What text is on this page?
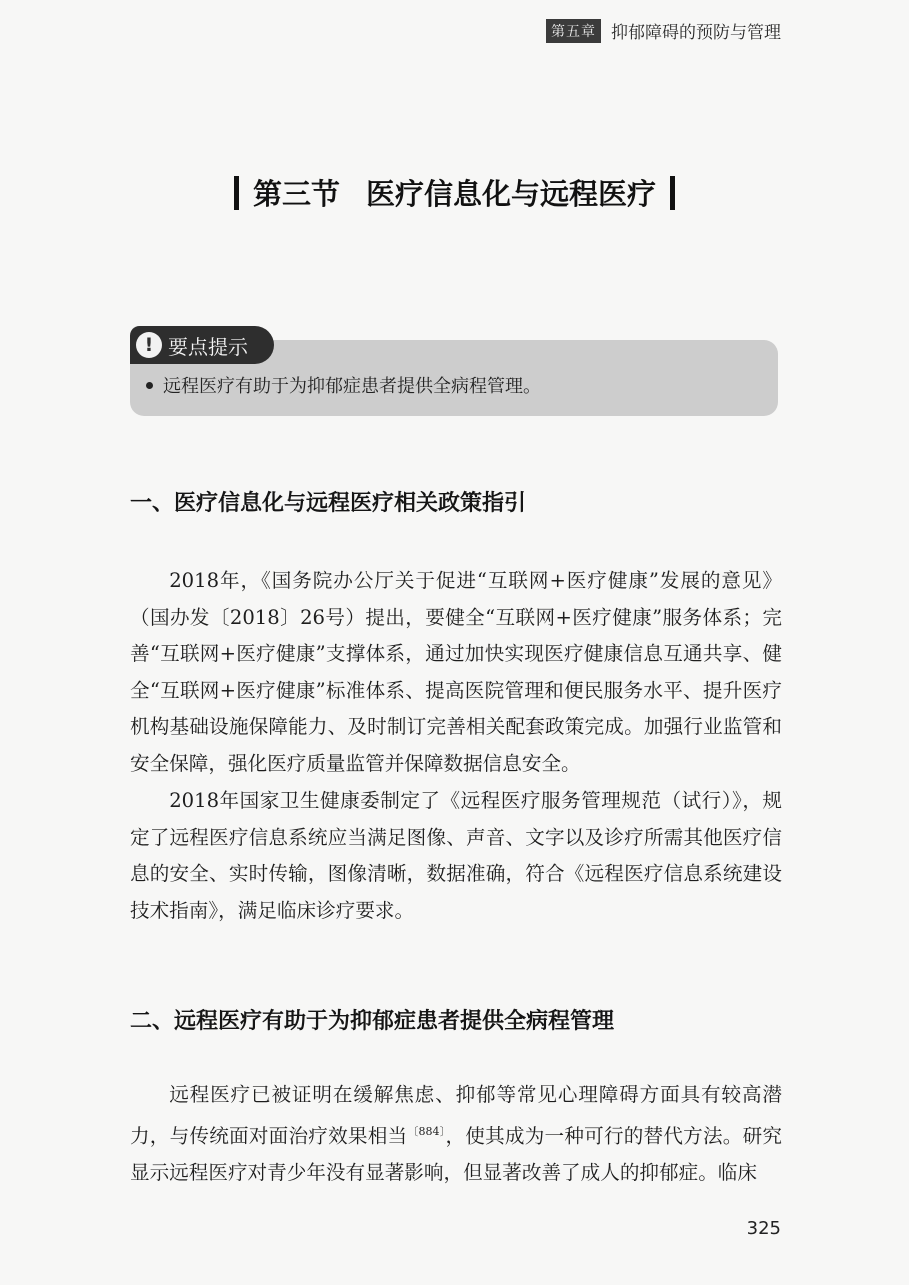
第五章 抑郁障碍的预防与管理
第三节 医疗信息化与远程医疗
! 要点提示
远程医疗有助于为抑郁症患者提供全病程管理。
一、医疗信息化与远程医疗相关政策指引

2018年，《国务院办公厅关于促进“互联网+医疗健康”发展的意见》（国办发〔2018〕26号）提出，要健全“互联网+医疗健康”服务体系；完善“互联网+医疗健康”支撑体系，通过加快实现医疗健康信息互通共享、健全“互联网+医疗健康”标准体系、提高医院管理和便民服务水平、提升医疗机构基础设施保障能力、及时制订完善相关配套政策完成。加强行业监管和安全保障，强化医疗质量监管并保障数据信息安全。

2018年国家卫生健康委制定了《远程医疗服务管理规范（试行）》，规定了远程医疗信息系统应当满足图像、声音、文字以及诊疗所需其他医疗信息的安全、实时传输，图像清晰，数据准确，符合《远程医疗信息系统建设技术指南》，满足临床诊疗要求。

二、远程医疗有助于为抑郁症患者提供全病程管理

远程医疗已被证明在缓解焦虑、抑郁等常见心理障碍方面具有较高潜力，与传统面对面治疗效果相当$^{〔884〕}$，使其成为一种可行的替代方法。研究显示远程医疗对青少年没有显著影响，但显著改善了成人的抑郁症。临床

325
